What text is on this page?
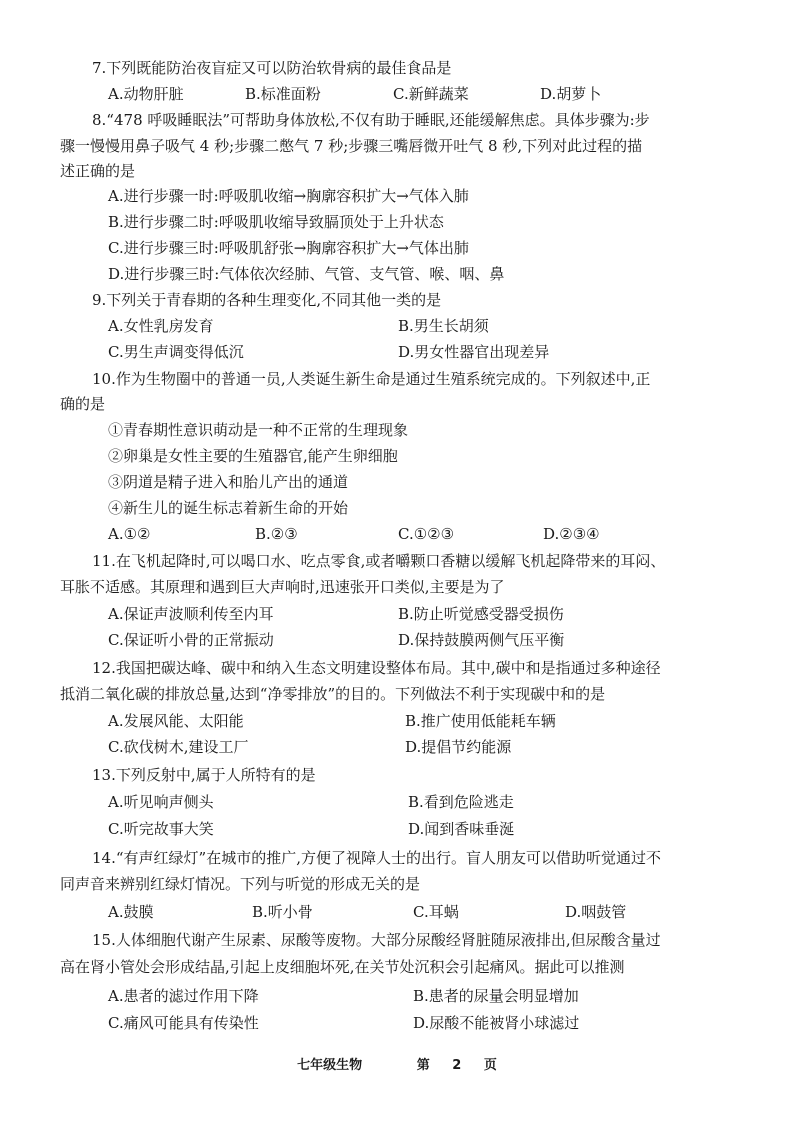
7.下列既能防治夜盲症又可以防治软骨病的最佳食品是
A.动物肝脏	B.标准面粉	C.新鲜蔬菜	D.胡萝卜
8.“478 呼吸睡眠法”可帮助身体放松,不仅有助于睡眠,还能缓解焦虑。具体步骤为:步
骤一慢慢用鼻子吸气 4 秒;步骤二憋气 7 秒;步骤三嘴唇微开吐气 8 秒,下列对此过程的描
述正确的是
A.进行步骤一时:呼吸肌收缩→胸廓容积扩大→气体入肺
B.进行步骤二时:呼吸肌收缩导致膈顶处于上升状态
C.进行步骤三时:呼吸肌舒张→胸廓容积扩大→气体出肺
D.进行步骤三时:气体依次经肺、气管、支气管、喉、咽、鼻
9.下列关于青春期的各种生理变化,不同其他一类的是
A.女性乳房发育	B.男生长胡须
C.男生声调变得低沉	D.男女性器官出现差异
10.作为生物圈中的普通一员,人类诞生新生命是通过生殖系统完成的。下列叙述中,正
确的是
①青春期性意识萌动是一种不正常的生理现象
②卵巢是女性主要的生殖器官,能产生卵细胞
③阴道是精子进入和胎儿产出的通道
④新生儿的诞生标志着新生命的开始
A.①②	B.②③	C.①②③	D.②③④
11.在飞机起降时,可以喝口水、吃点零食,或者嚼颗口香糖以缓解飞机起降带来的耳闷、
耳胀不适感。其原理和遇到巨大声响时,迅速张开口类似,主要是为了
A.保证声波顺利传至内耳	B.防止听觉感受器受损伤
C.保证听小骨的正常振动	D.保持鼓膜两侧气压平衡
12.我国把碳达峰、碳中和纳入生态文明建设整体布局。其中,碳中和是指通过多种途径
抵消二氧化碳的排放总量,达到“净零排放”的目的。下列做法不利于实现碳中和的是
A.发展风能、太阳能	B.推广使用低能耗车辆
C.砍伐树木,建设工厂	D.提倡节约能源
13.下列反射中,属于人所特有的是
A.听见响声侧头	B.看到危险逃走
C.听完故事大笑	D.闻到香味垂涎
14.“有声红绿灯”在城市的推广,方便了视障人士的出行。盲人朋友可以借助听觉通过不
同声音来辨别红绿灯情况。下列与听觉的形成无关的是
A.鼓膜	B.听小骨	C.耳蜗	D.咽鼓管
15.人体细胞代谢产生尿素、尿酸等废物。大部分尿酸经肾脏随尿液排出,但尿酸含量过
高在肾小管处会形成结晶,引起上皮细胞坏死,在关节处沉积会引起痛风。据此可以推测
A.患者的滤过作用下降	B.患者的尿量会明显增加
C.痛风可能具有传染性	D.尿酸不能被肾小球滤过
七年级生物	第 2 页
